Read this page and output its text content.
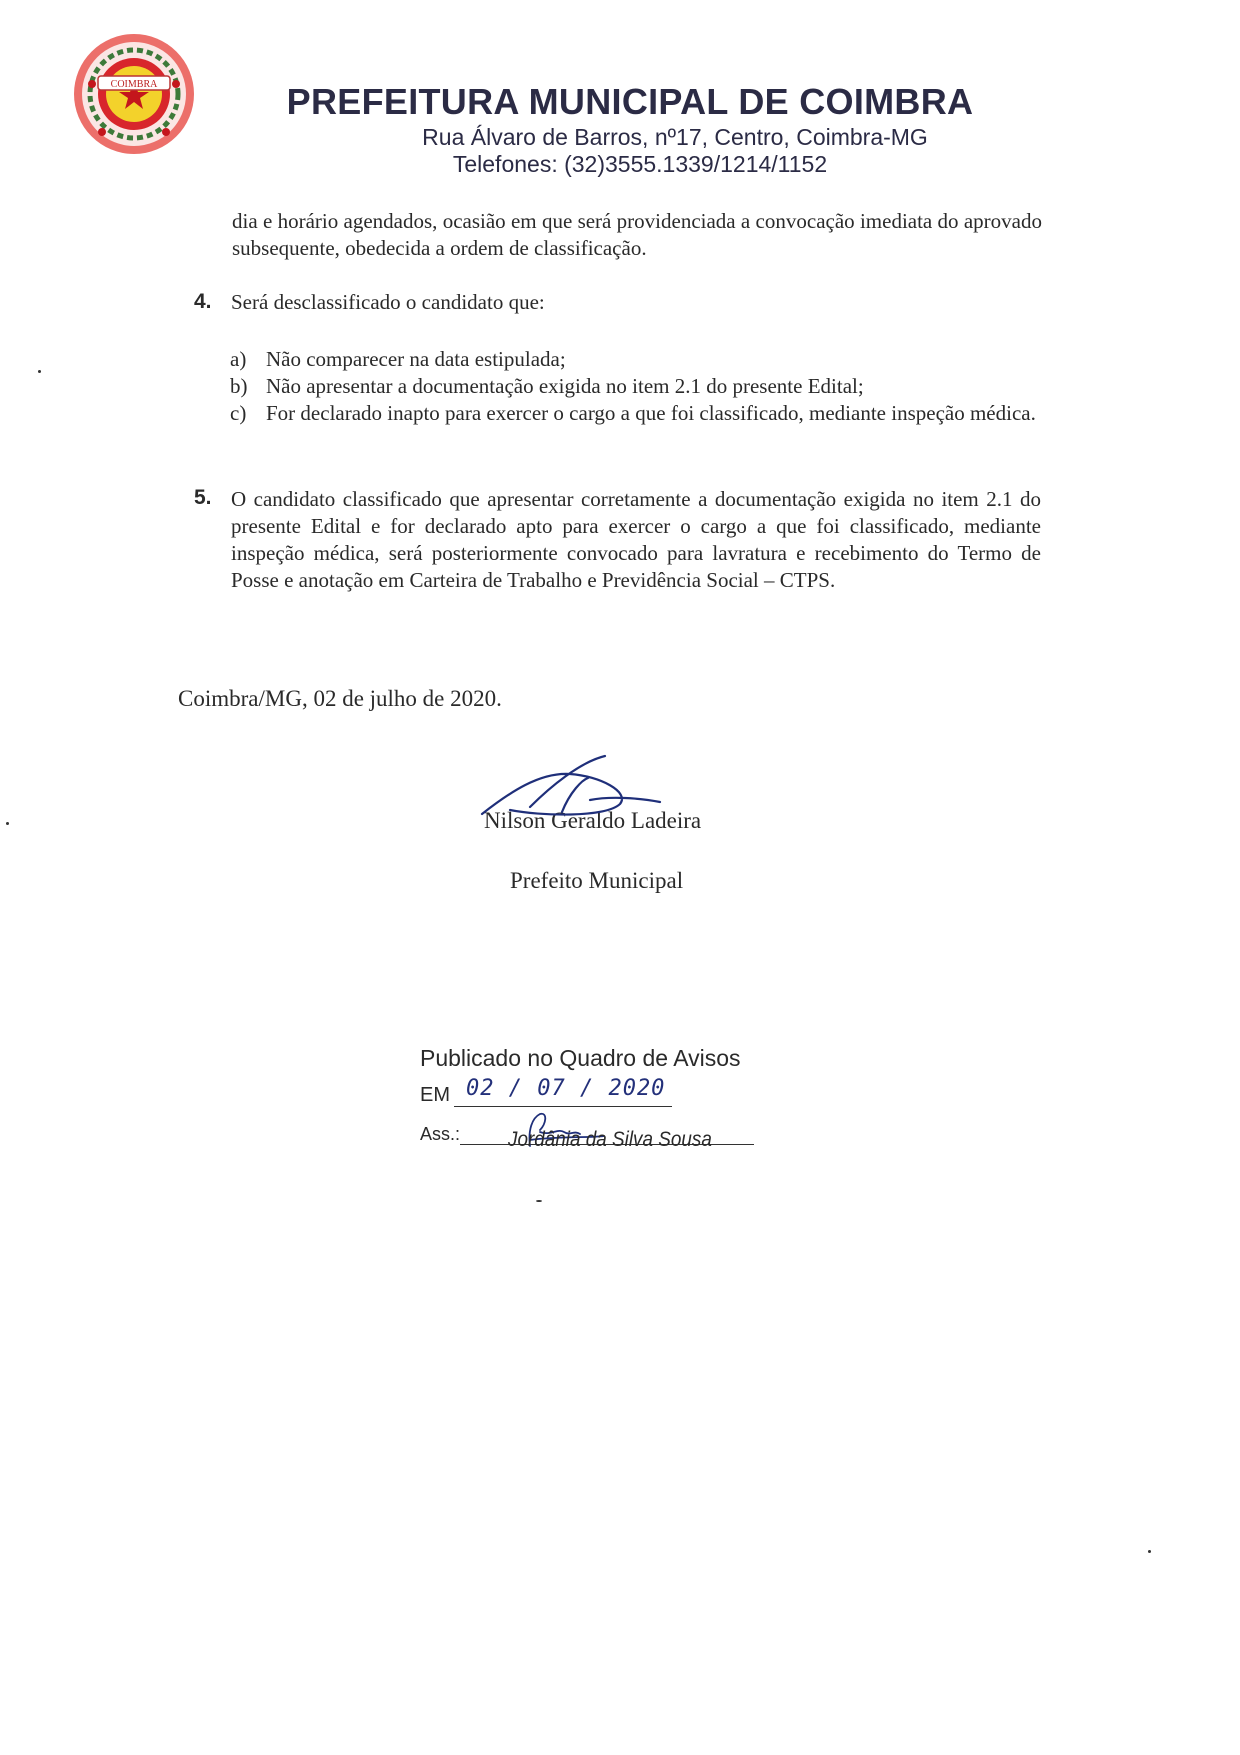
COIMBRA	PREFEITURA MUNICIPAL DE COIMBRA
Rua Álvaro de Barros, nº17, Centro, Coimbra-MG
Telefones: (32)3555.1339/1214/1152
dia e horário agendados, ocasião em que será providenciada a convocação imediata do aprovado subsequente, obedecida a ordem de classificação.
4. Será desclassificado o candidato que:
a) Não comparecer na data estipulada;
b) Não apresentar a documentação exigida no item 2.1 do presente Edital;
c) For declarado inapto para exercer o cargo a que foi classificado, mediante inspeção médica.
5. O candidato classificado que apresentar corretamente a documentação exigida no item 2.1 do presente Edital e for declarado apto para exercer o cargo a que foi classificado, mediante inspeção médica, será posteriormente convocado para lavratura e recebimento do Termo de Posse e anotação em Carteira de Trabalho e Previdência Social – CTPS.
Coimbra/MG, 02 de julho de 2020.
Nilson Geraldo Ladeira
Prefeito Municipal
Publicado no Quadro de Avisos
EM 02 / 07 / 2020
Ass.: Jordânia da Silva Sousa
